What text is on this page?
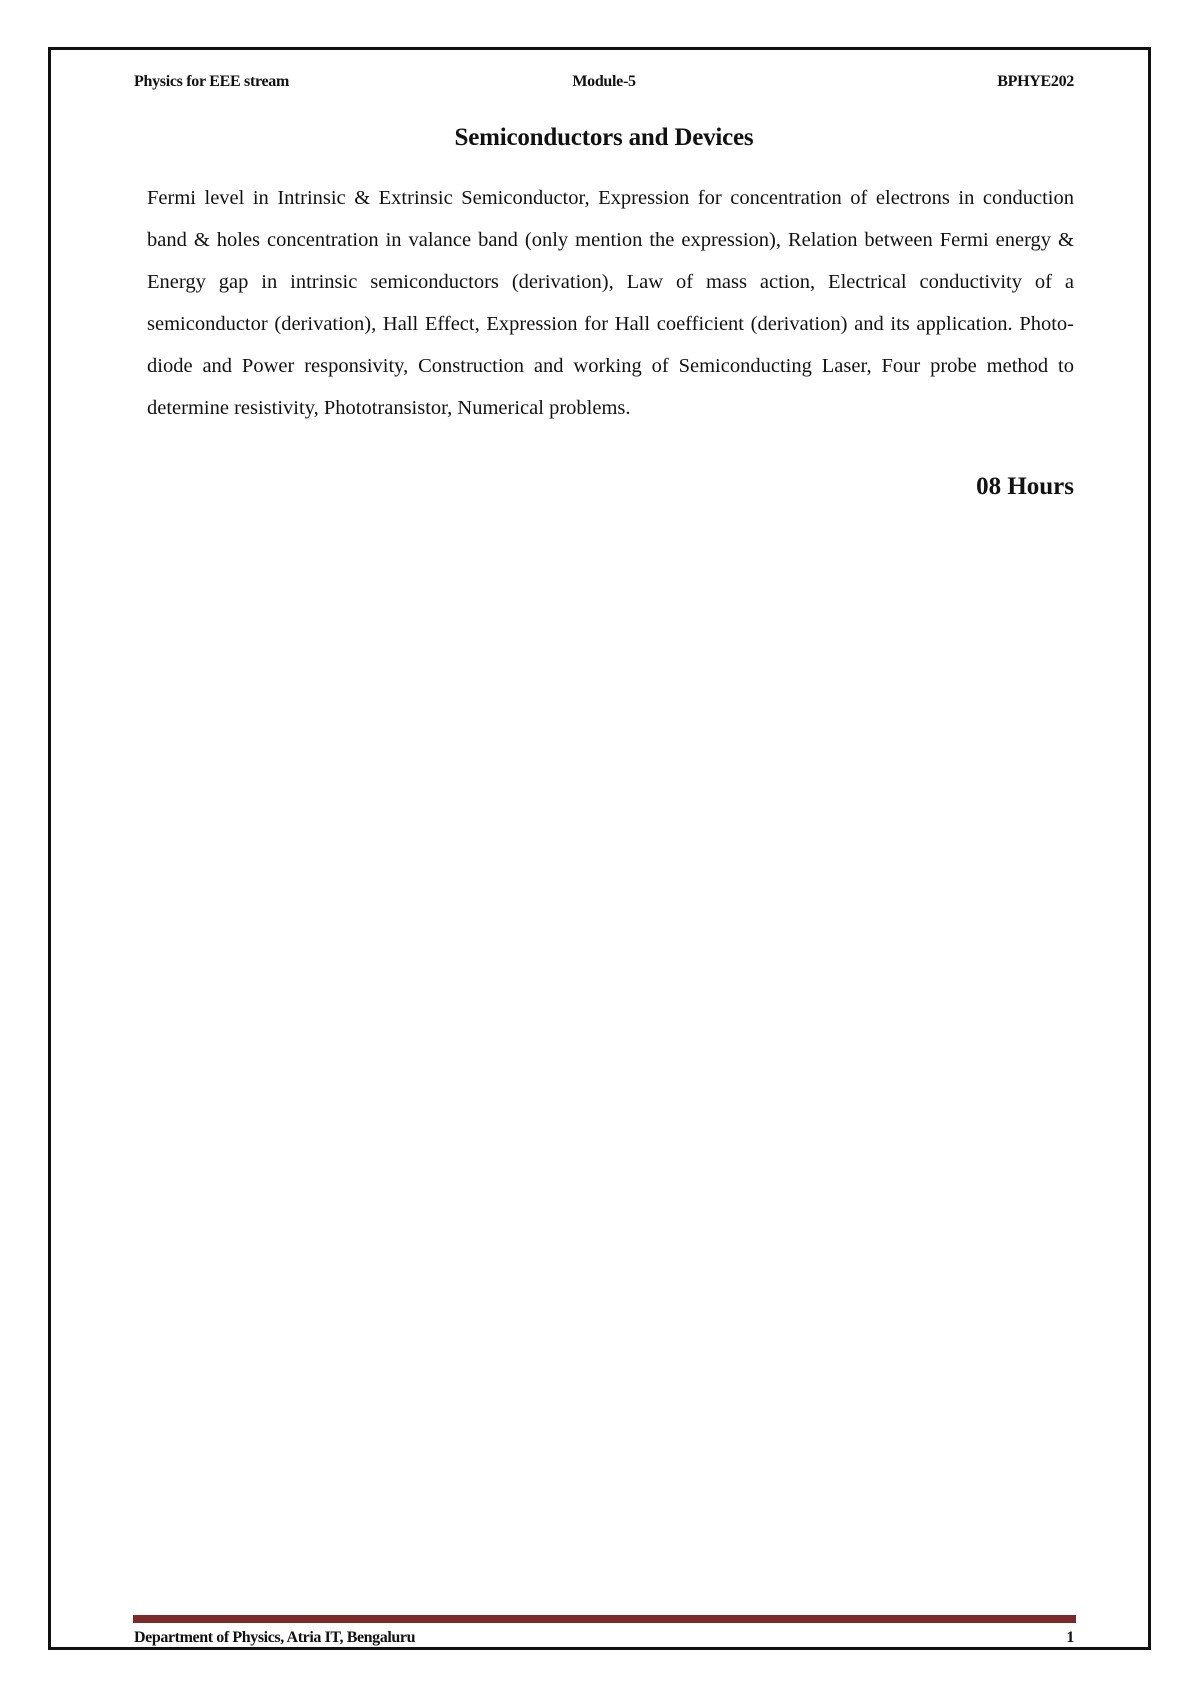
Physics for EEE stream	Module-5	BPHYE202
Semiconductors and Devices
Fermi level in Intrinsic & Extrinsic Semiconductor, Expression for concentration of electrons in conduction band & holes concentration in valance band (only mention the expression), Relation between Fermi energy & Energy gap in intrinsic semiconductors (derivation), Law of mass action, Electrical conductivity of a semiconductor (derivation), Hall Effect, Expression for Hall coefficient (derivation) and its application. Photo-diode and Power responsivity, Construction and working of Semiconducting Laser, Four probe method to determine resistivity, Phototransistor, Numerical problems.
08 Hours
Department of Physics, Atria IT, Bengaluru	1
